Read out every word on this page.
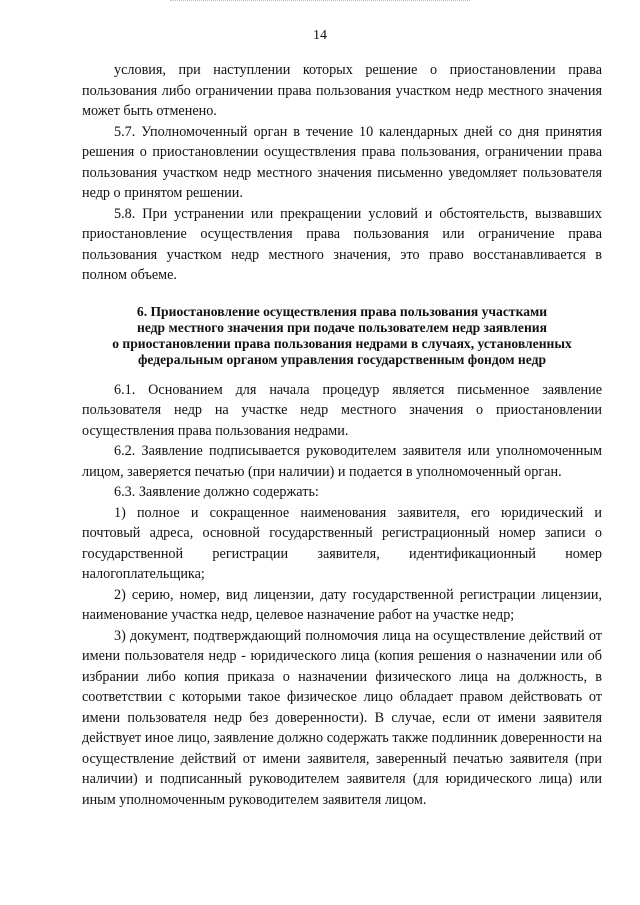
14

условия, при наступлении которых решение о приостановлении права пользования либо ограничении права пользования участком недр местного значения может быть отменено.

5.7. Уполномоченный орган в течение 10 календарных дней со дня принятия решения о приостановлении осуществления права пользования, ограничении права пользования участком недр местного значения письменно уведомляет пользователя недр о принятом решении.

5.8. При устранении или прекращении условий и обстоятельств, вызвавших приостановление осуществления права пользования или ограничение права пользования участком недр местного значения, это право восстанавливается в полном объеме.

6. Приостановление осуществления права пользования участками
недр местного значения при подаче пользователем недр заявления
о приостановлении права пользования недрами в случаях, установленных
федеральным органом управления государственным фондом недр

6.1. Основанием для начала процедур является письменное заявление пользователя недр на участке недр местного значения о приостановлении осуществления права пользования недрами.

6.2. Заявление подписывается руководителем заявителя или уполномоченным лицом, заверяется печатью (при наличии) и подается в уполномоченный орган.

6.3. Заявление должно содержать:

1) полное и сокращенное наименования заявителя, его юридический и почтовый адреса, основной государственный регистрационный номер записи о государственной регистрации заявителя, идентификационный номер налогоплательщика;

2) серию, номер, вид лицензии, дату государственной регистрации лицензии, наименование участка недр, целевое назначение работ на участке недр;

3) документ, подтверждающий полномочия лица на осуществление действий от имени пользователя недр - юридического лица (копия решения о назначении или об избрании либо копия приказа о назначении физического лица на должность, в соответствии с которыми такое физическое лицо обладает правом действовать от имени пользователя недр без доверенности). В случае, если от имени заявителя действует иное лицо, заявление должно содержать также подлинник доверенности на осуществление действий от имени заявителя, заверенный печатью заявителя (при наличии) и подписанный руководителем заявителя (для юридического лица) или иным уполномоченным руководителем заявителя лицом.
